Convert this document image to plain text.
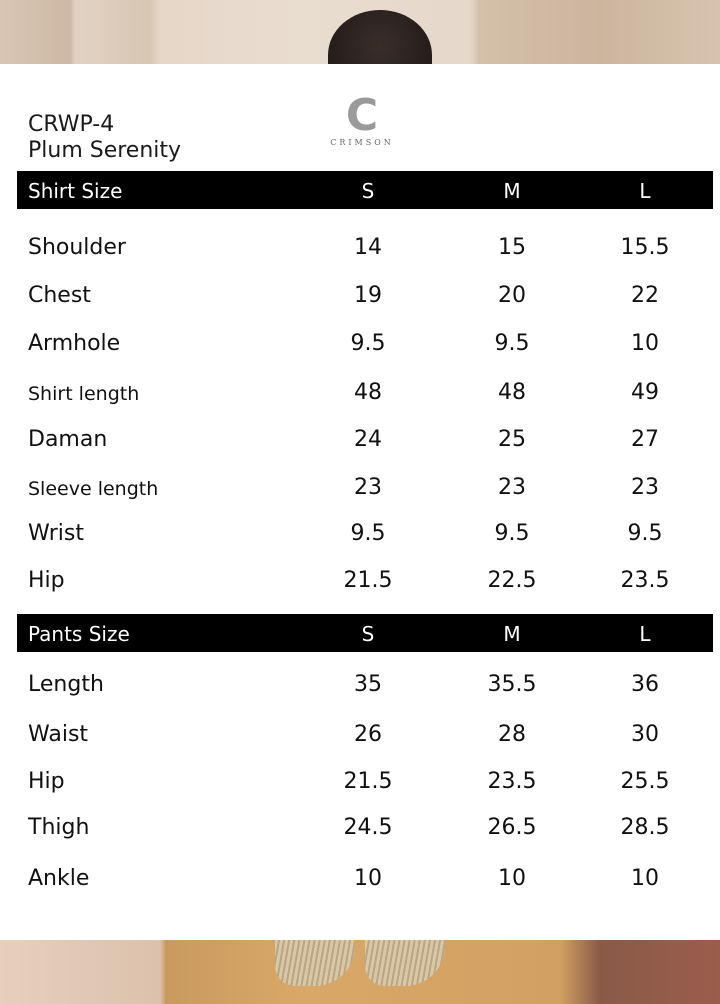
CRWP-4
Plum Serenity
C
CRIMSON
Shirt Size	S	M	L
Shoulder	14	15	15.5
Chest	19	20	22
Armhole	9.5	9.5	10
Shirt length	48	48	49
Daman	24	25	27
Sleeve length	23	23	23
Wrist	9.5	9.5	9.5
Hip	21.5	22.5	23.5
Pants Size	S	M	L
Length	35	35.5	36
Waist	26	28	30
Hip	21.5	23.5	25.5
Thigh	24.5	26.5	28.5
Ankle	10	10	10
